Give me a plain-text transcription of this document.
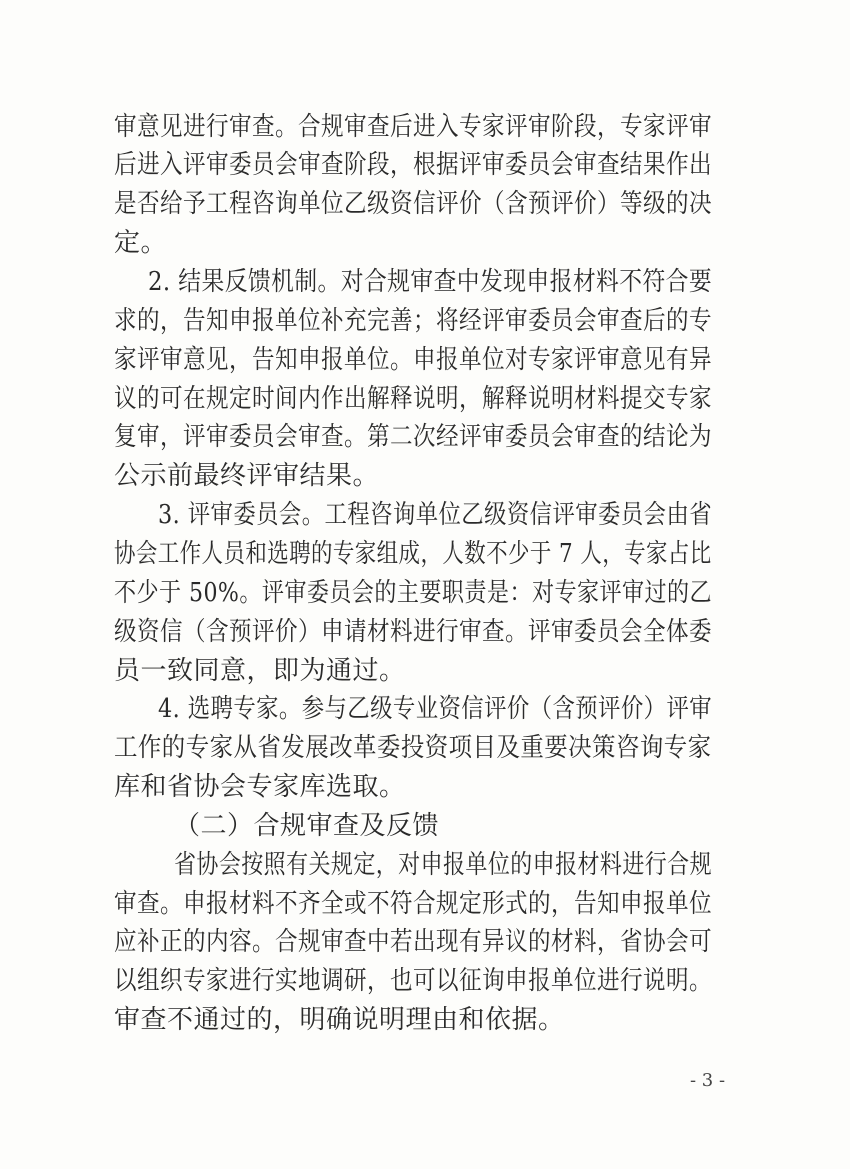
审意见进行审查。合规审查后进入专家评审阶段，专家评审
后进入评审委员会审查阶段，根据评审委员会审查结果作出
是否给予工程咨询单位乙级资信评价（含预评价）等级的决
定。
2. 结果反馈机制。对合规审查中发现申报材料不符合要
求的，告知申报单位补充完善；将经评审委员会审查后的专
家评审意见，告知申报单位。申报单位对专家评审意见有异
议的可在规定时间内作出解释说明，解释说明材料提交专家
复审，评审委员会审查。第二次经评审委员会审查的结论为
公示前最终评审结果。
3. 评审委员会。工程咨询单位乙级资信评审委员会由省
协会工作人员和选聘的专家组成，人数不少于 7 人，专家占比
不少于 50%。评审委员会的主要职责是：对专家评审过的乙
级资信（含预评价）申请材料进行审查。评审委员会全体委
员一致同意，即为通过。
4. 选聘专家。参与乙级专业资信评价（含预评价）评审
工作的专家从省发展改革委投资项目及重要决策咨询专家
库和省协会专家库选取。
（二）合规审查及反馈
省协会按照有关规定，对申报单位的申报材料进行合规
审查。申报材料不齐全或不符合规定形式的，告知申报单位
应补正的内容。合规审查中若出现有异议的材料，省协会可
以组织专家进行实地调研，也可以征询申报单位进行说明。
审查不通过的，明确说明理由和依据。
- 3 -
